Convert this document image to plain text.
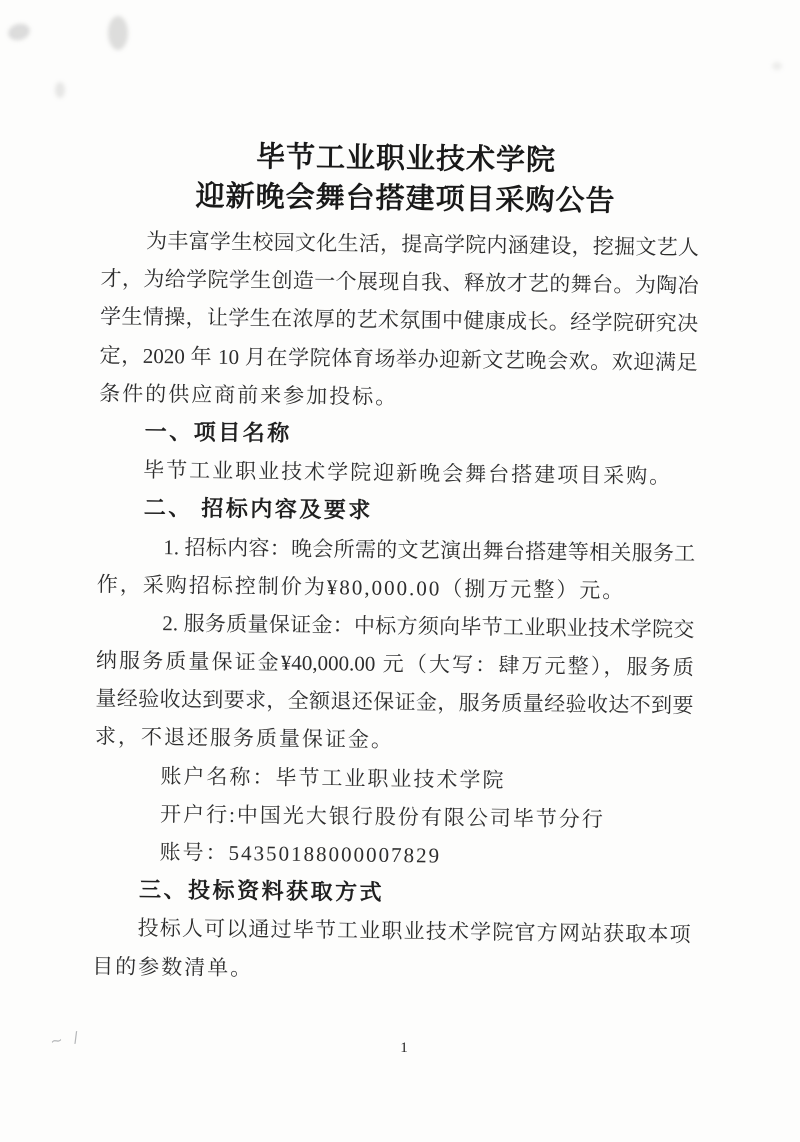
毕节工业职业技术学院
迎新晚会舞台搭建项目采购公告

为丰富学生校园文化生活，提高学院内涵建设，挖掘文艺人

才，为给学院学生创造一个展现自我、释放才艺的舞台。为陶冶

学生情操，让学生在浓厚的艺术氛围中健康成长。经学院研究决

定，2020 年 10 月在学院体育场举办迎新文艺晚会欢。欢迎满足

条件的供应商前来参加投标。

一、项目名称

毕节工业职业技术学院迎新晚会舞台搭建项目采购。

二、 招标内容及要求

1. 招标内容：晚会所需的文艺演出舞台搭建等相关服务工

作，采购招标控制价为¥80,000.00（捌万元整）元。

2. 服务质量保证金：中标方须向毕节工业职业技术学院交

纳服务质量保证金¥40,000.00 元（大写：肆万元整），服务质

量经验收达到要求，全额退还保证金，服务质量经验收达不到要

求，不退还服务质量保证金。

账户名称：毕节工业职业技术学院

开户行:中国光大银行股份有限公司毕节分行

账号：54350188000007829

三、投标资料获取方式

投标人可以通过毕节工业职业技术学院官方网站获取本项

目的参数清单。

~ /	1
